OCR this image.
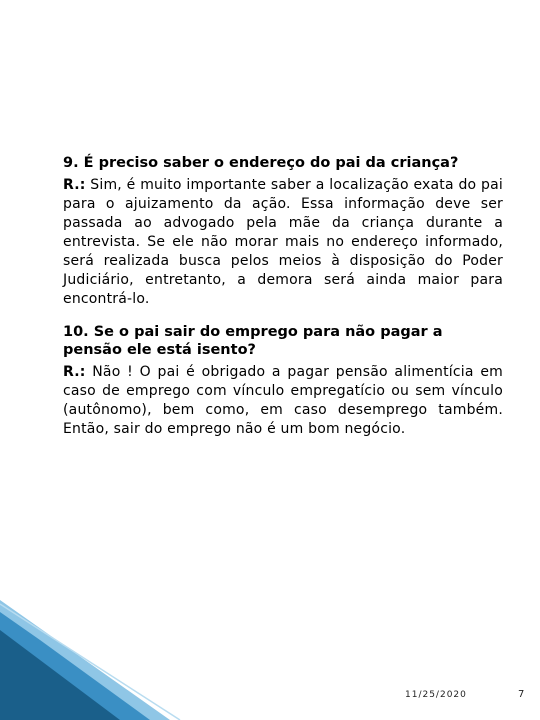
9. É preciso saber o endereço do pai da criança?

R.: Sim, é muito importante saber a localização exata do pai para o ajuizamento da ação. Essa informação deve ser passada ao advogado pela mãe da criança durante a entrevista. Se ele não morar mais no endereço informado, será realizada busca pelos meios à disposição do Poder Judiciário, entretanto, a demora será ainda maior para encontrá-lo.

10. Se o pai sair do emprego para não pagar a pensão ele está isento?

R.: Não ! O pai é obrigado a pagar pensão alimentícia em caso de emprego com vínculo empregatício ou sem vínculo (autônomo), bem como, em caso desemprego também. Então, sair do emprego não é um bom negócio.

11/25/2020	7
